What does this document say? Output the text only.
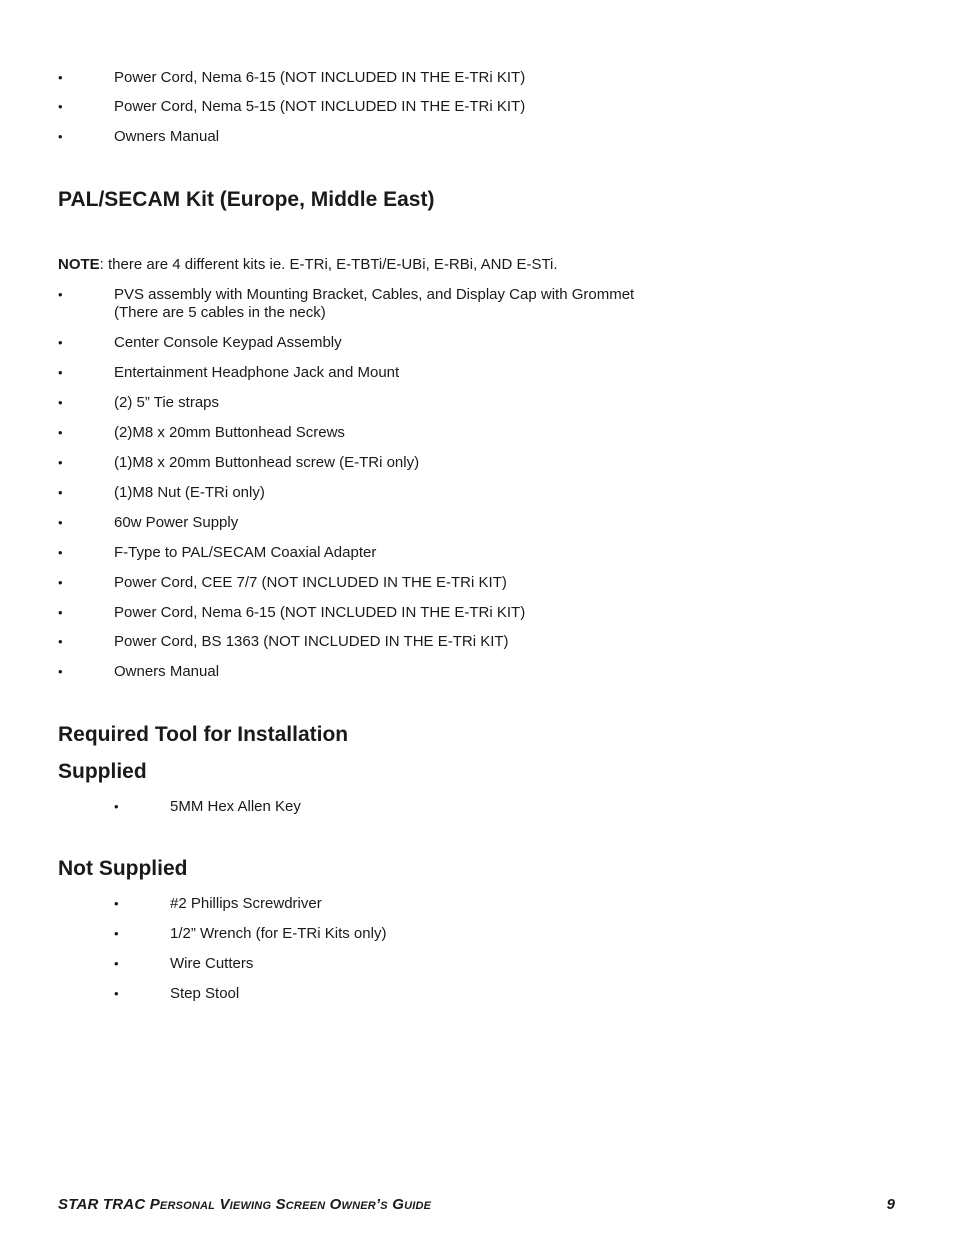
•	Power Cord, Nema 6-15 (NOT INCLUDED IN THE E-TRi KIT)
•	Power Cord, Nema 5-15 (NOT INCLUDED IN THE E-TRi KIT)
•	Owners Manual
PAL/SECAM Kit (Europe, Middle East)
NOTE: there are 4 different kits ie. E-TRi, E-TBTi/E-UBi, E-RBi, AND E-STi.
•	PVS assembly with Mounting Bracket, Cables, and Display Cap with Grommet
(There are 5 cables in the neck)
•	Center Console Keypad Assembly
•	Entertainment Headphone Jack and Mount
•	(2) 5” Tie straps
•	(2)M8 x 20mm Buttonhead Screws
•	(1)M8 x 20mm Buttonhead screw (E-TRi only)
•	(1)M8 Nut (E-TRi only)
•	60w Power Supply
•	F-Type to PAL/SECAM Coaxial Adapter
•	Power Cord, CEE 7/7 (NOT INCLUDED IN THE E-TRi KIT)
•	Power Cord, Nema 6-15 (NOT INCLUDED IN THE E-TRi KIT)
•	Power Cord, BS 1363 (NOT INCLUDED IN THE E-TRi KIT)
•	Owners Manual
Required Tool for Installation
Supplied
•	5MM Hex Allen Key
Not Supplied
•	#2 Phillips Screwdriver
•	1/2” Wrench (for E-TRi Kits only)
•	Wire Cutters
•	Step Stool
STAR TRAC Personal Viewing Screen Owner’s Guide	9
